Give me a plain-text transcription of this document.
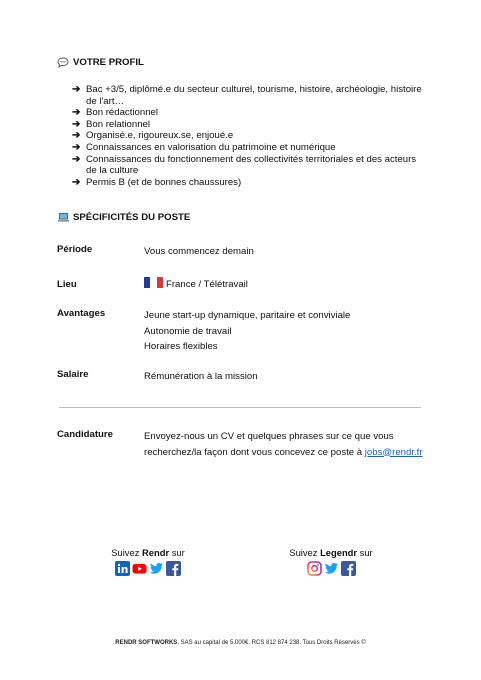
VOTRE PROFIL
➔ Bac +3/5, diplômé.e du secteur culturel, tourisme, histoire, archéologie, histoire de l'art…
➔ Bon rédactionnel
➔ Bon relationnel
➔ Organisé.e, rigoureux.se, enjoué.e
➔ Connaissances en valorisation du patrimoine et numérique
➔ Connaissances du fonctionnement des collectivités territoriales et des acteurs de la culture
➔ Permis B (et de bonnes chaussures)
SPÉCIFICITÉS DU POSTE
Période	Vous commencez demain
Lieu	France / Télétravail
Avantages	Jeune start-up dynamique, paritaire et conviviale
Autonomie de travail
Horaires flexibles
Salaire	Rémunération à la mission
Candidature	Envoyez-nous un CV et quelques phrases sur ce que vous
recherchez/la façon dont vous concevez ce poste à jobs@rendr.fr
Suivez Rendr sur	Suivez Legendr sur
RENDR SOFTWORKS, SAS au capital de 5.000€. RCS 812 874 238. Tous Droits Réservés ©
